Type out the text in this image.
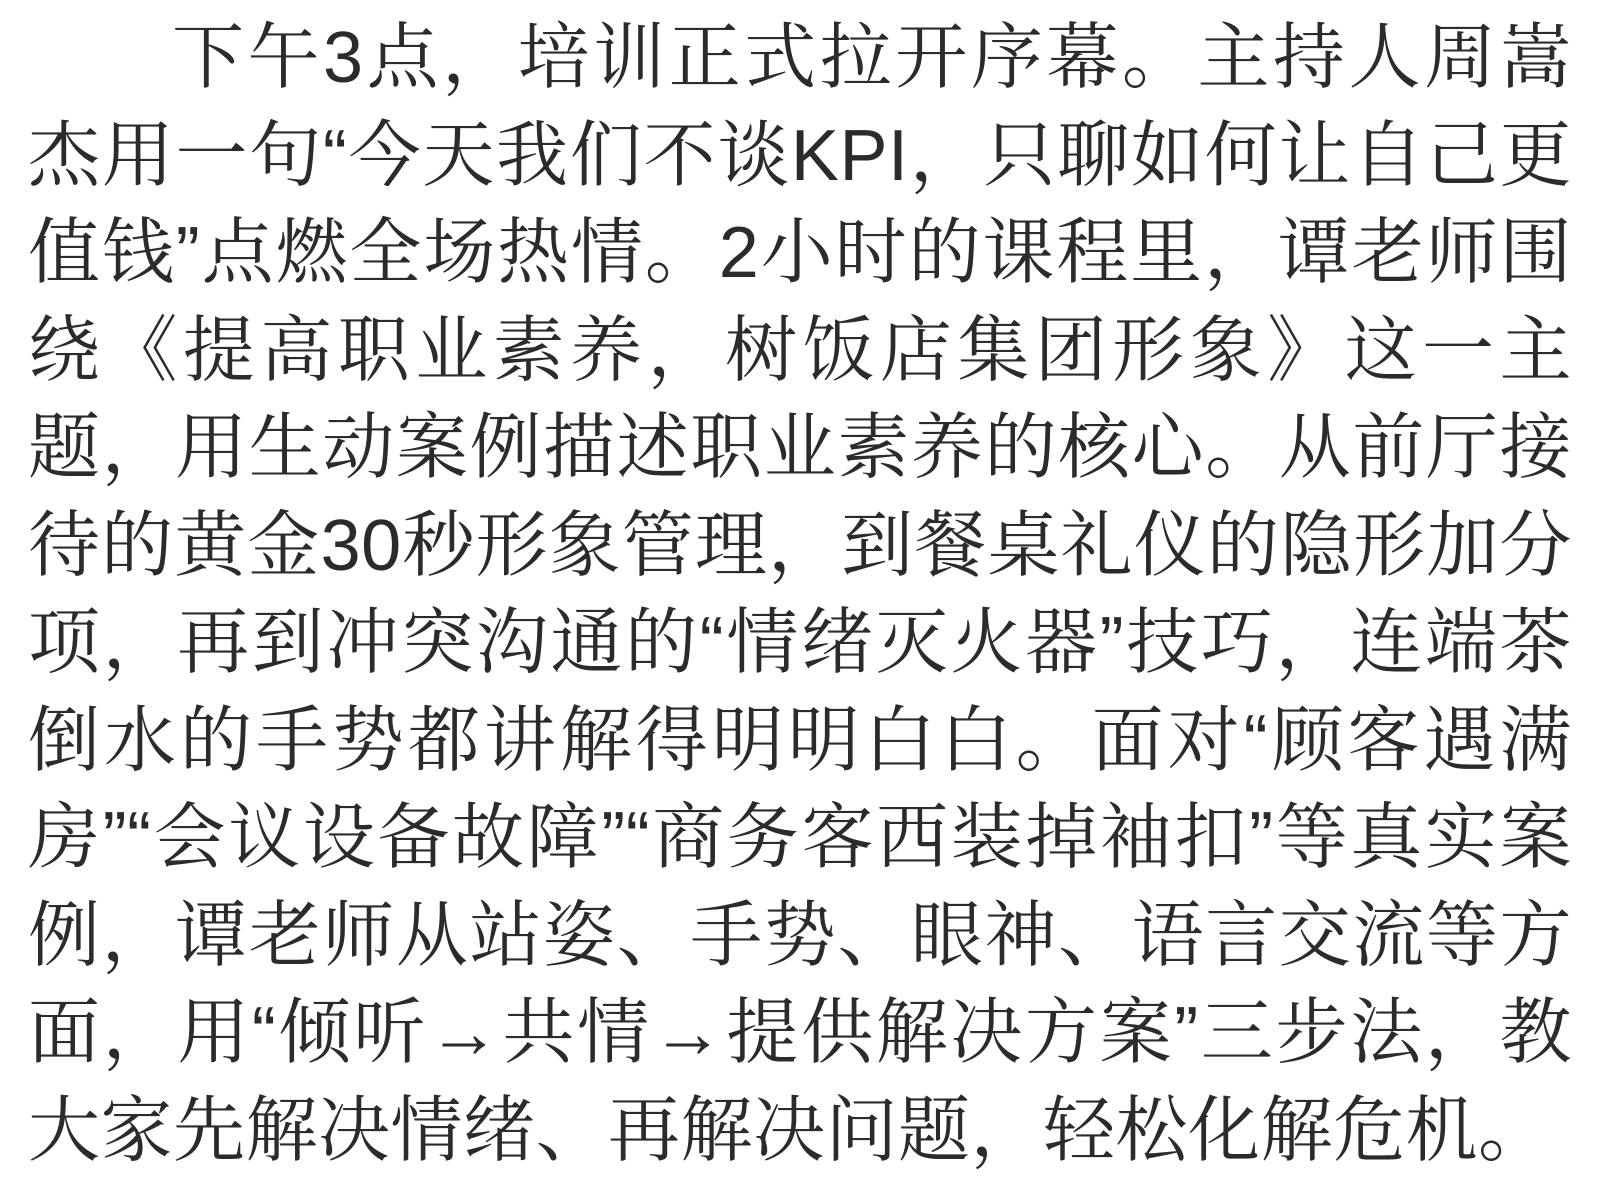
下午3点，培训正式拉开序幕。主持人周嵩杰用一句“今天我们不谈KPI，只聊如何让自己更值钱”点燃全场热情。2小时的课程里，谭老师围绕《提高职业素养，树饭店集团形象》这一主题，用生动案例描述职业素养的核心。从前厅接待的黄金30秒形象管理，到餐桌礼仪的隐形加分项，再到冲突沟通的“情绪灭火器”技巧，连端茶倒水的手势都讲解得明明白白。面对“顾客遇满房”“会议设备故障”“商务客西装掉袖扣”等真实案例，谭老师从站姿、手势、眼神、语言交流等方面，用“倾听→共情→提供解决方案”三步法，教大家先解决情绪、再解决问题，轻松化解危机。
